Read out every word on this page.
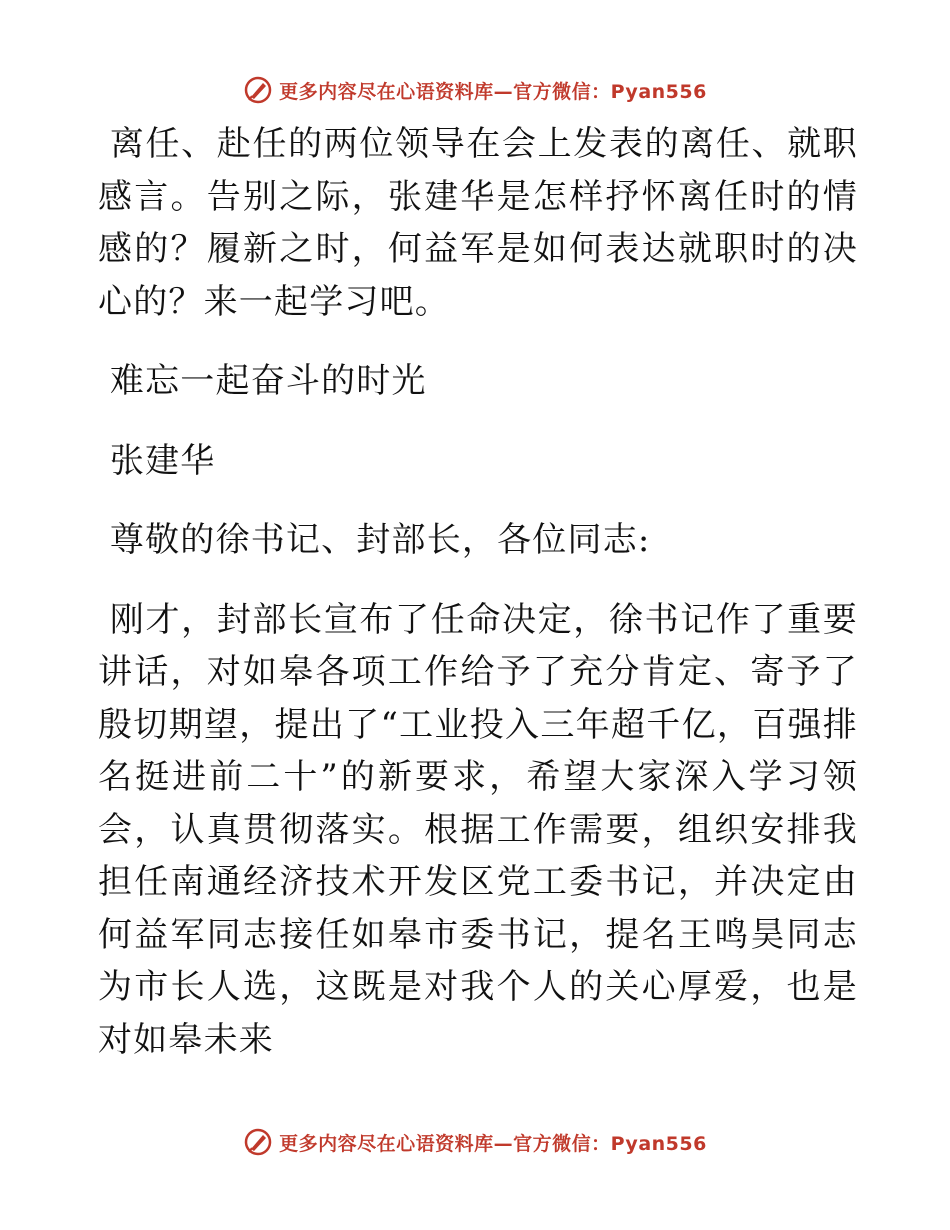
更多内容尽在心语资料库—官方微信：Pyan556

离任、赴任的两位领导在会上发表的离任、就职感言。告别之际，张建华是怎样抒怀离任时的情感的？履新之时，何益军是如何表达就职时的决心的？来一起学习吧。

难忘一起奋斗的时光

张建华

尊敬的徐书记、封部长，各位同志:

刚才，封部长宣布了任命决定，徐书记作了重要讲话，对如皋各项工作给予了充分肯定、寄予了殷切期望，提出了“工业投入三年超千亿，百强排名挺进前二十”的新要求，希望大家深入学习领会，认真贯彻落实。根据工作需要，组织安排我担任南通经济技术开发区党工委书记，并决定由何益军同志接任如皋市委书记，提名王鸣昊同志为市长人选，这既是对我个人的关心厚爱，也是对如皋未来

更多内容尽在心语资料库—官方微信：Pyan556
